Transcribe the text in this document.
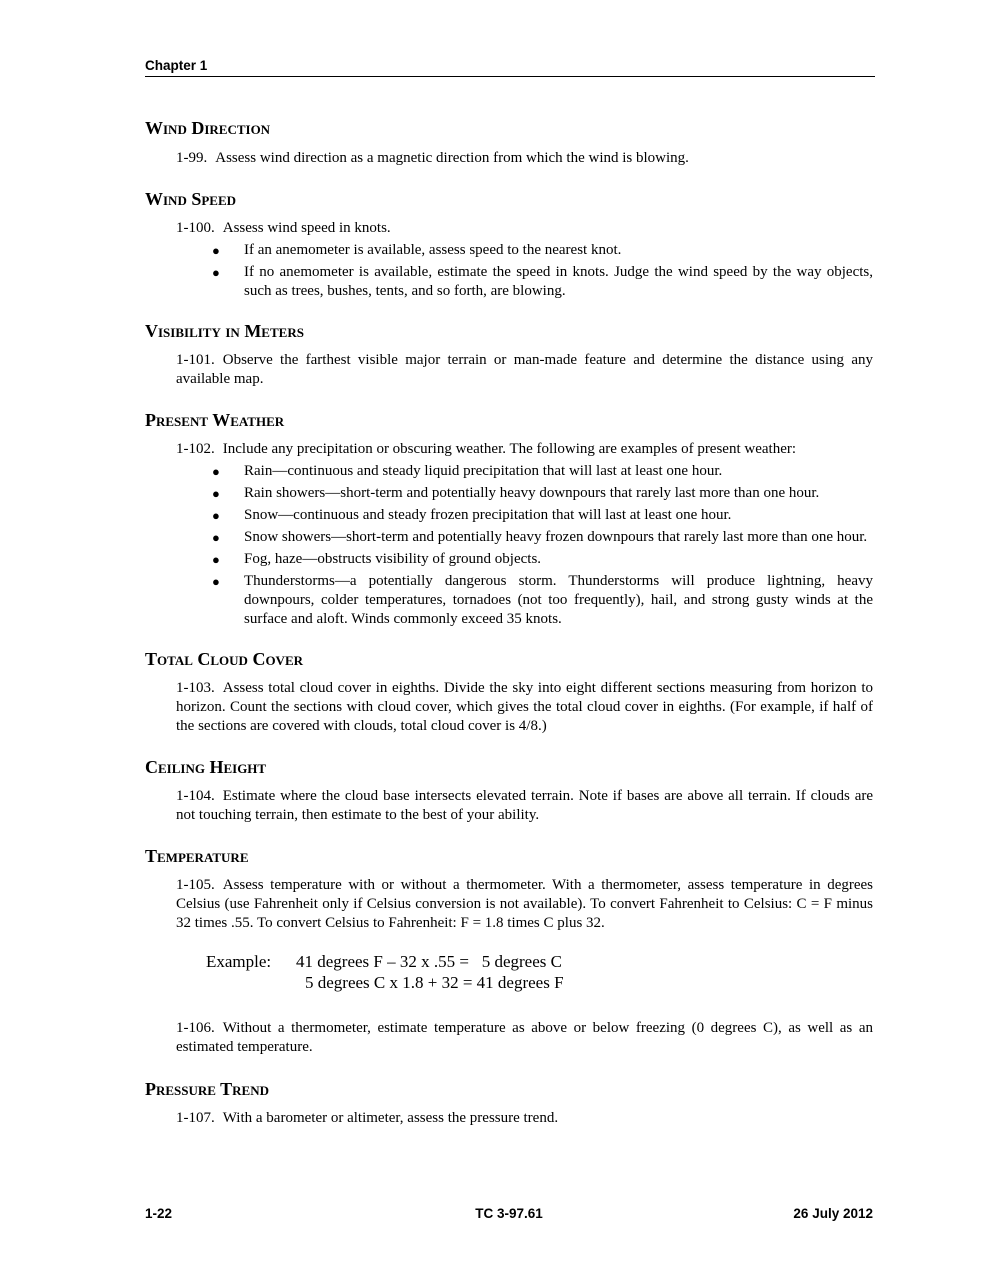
Chapter 1
Wind Direction

1-99. Assess wind direction as a magnetic direction from which the wind is blowing.

Wind Speed

1-100. Assess wind speed in knots.

● If an anemometer is available, assess speed to the nearest knot.
● If no anemometer is available, estimate the speed in knots. Judge the wind speed by the way objects, such as trees, bushes, tents, and so forth, are blowing.
Visibility in Meters

1-101. Observe the farthest visible major terrain or man-made feature and determine the distance using any available map.

Present Weather

1-102. Include any precipitation or obscuring weather. The following are examples of present weather:

● Rain—continuous and steady liquid precipitation that will last at least one hour.
● Rain showers—short-term and potentially heavy downpours that rarely last more than one hour.
● Snow—continuous and steady frozen precipitation that will last at least one hour.
● Snow showers—short-term and potentially heavy frozen downpours that rarely last more than one hour.
● Fog, haze—obstructs visibility of ground objects.
● Thunderstorms—a potentially dangerous storm. Thunderstorms will produce lightning, heavy downpours, colder temperatures, tornadoes (not too frequently), hail, and strong gusty winds at the surface and aloft. Winds commonly exceed 35 knots.
Total Cloud Cover

1-103. Assess total cloud cover in eighths. Divide the sky into eight different sections measuring from horizon to horizon. Count the sections with cloud cover, which gives the total cloud cover in eighths. (For example, if half of the sections are covered with clouds, total cloud cover is 4/8.)

Ceiling Height

1-104. Estimate where the cloud base intersects elevated terrain. Note if bases are above all terrain. If clouds are not touching terrain, then estimate to the best of your ability.

Temperature

1-105. Assess temperature with or without a thermometer. With a thermometer, assess temperature in degrees Celsius (use Fahrenheit only if Celsius conversion is not available). To convert Fahrenheit to Celsius: C = F minus 32 times .55. To convert Celsius to Fahrenheit: F = 1.8 times C plus 32.

Example:	41 degrees F – 32 x .55 =   5 degrees C
5 degrees C x 1.8 + 32 = 41 degrees F

1-106. Without a thermometer, estimate temperature as above or below freezing (0 degrees C), as well as an estimated temperature.

Pressure Trend

1-107. With a barometer or altimeter, assess the pressure trend.

1-22	TC 3-97.61	26 July 2012
